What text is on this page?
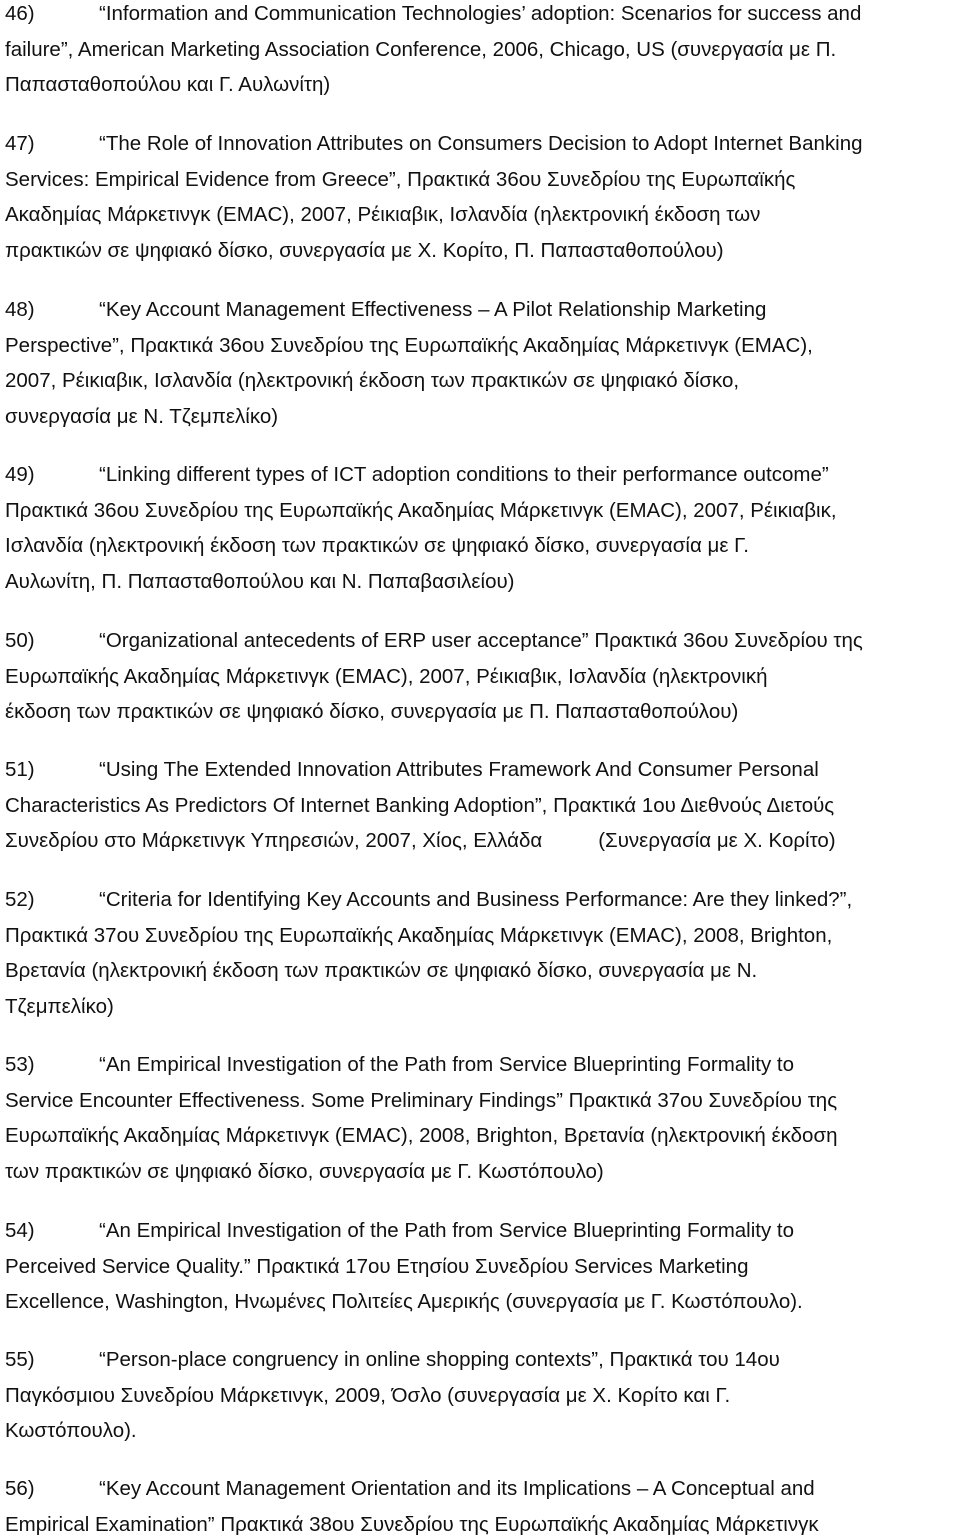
46)	“Information and Communication Technologies’ adoption: Scenarios for success and
failure”, American Marketing Association Conference, 2006, Chicago, US (συνεργασία με Π.
Παπασταθοπούλου και Γ. Αυλωνίτη)
47)	“The Role of Innovation Attributes on Consumers Decision to Adopt Internet Banking
Services: Empirical Evidence from Greece”, Πρακτικά 36ου Συνεδρίου της Ευρωπαϊκής
Ακαδημίας Μάρκετινγκ (EMAC), 2007, Ρέικιαβικ, Ισλανδία (ηλεκτρονική έκδοση των
πρακτικών σε ψηφιακό δίσκο, συνεργασία με Χ. Κορίτο, Π. Παπασταθοπούλου)
48)	“Key Account Management Effectiveness – A Pilot Relationship Marketing
Perspective”, Πρακτικά 36ου Συνεδρίου της Ευρωπαϊκής Ακαδημίας Μάρκετινγκ (EMAC),
2007, Ρέικιαβικ, Ισλανδία (ηλεκτρονική έκδοση των πρακτικών σε ψηφιακό δίσκο,
συνεργασία με Ν. Τζεμπελίκο)
49)	“Linking different types of ICT adoption conditions to their performance outcome”
Πρακτικά 36ου Συνεδρίου της Ευρωπαϊκής Ακαδημίας Μάρκετινγκ (EMAC), 2007, Ρέικιαβικ,
Ισλανδία (ηλεκτρονική έκδοση των πρακτικών σε ψηφιακό δίσκο, συνεργασία με Γ.
Αυλωνίτη, Π. Παπασταθοπούλου και Ν. Παπαβασιλείου)
50)	“Organizational antecedents of ERP user acceptance” Πρακτικά 36ου Συνεδρίου της
Ευρωπαϊκής Ακαδημίας Μάρκετινγκ (EMAC), 2007, Ρέικιαβικ, Ισλανδία (ηλεκτρονική
έκδοση των πρακτικών σε ψηφιακό δίσκο, συνεργασία με Π. Παπασταθοπούλου)
51)	“Using The Extended Innovation Attributes Framework And Consumer Personal
Characteristics As Predictors Of Internet Banking Adoption”, Πρακτικά 1ου Διεθνούς Διετούς
Συνεδρίου στο Μάρκετινγκ Υπηρεσιών, 2007, Χίος, Ελλάδα	(Συνεργασία με Χ. Κορίτο)
52)	“Criteria for Identifying Key Accounts and Business Performance: Are they linked?”,
Πρακτικά 37ου Συνεδρίου της Ευρωπαϊκής Ακαδημίας Μάρκετινγκ (EMAC), 2008, Brighton,
Βρετανία (ηλεκτρονική έκδοση των πρακτικών σε ψηφιακό δίσκο, συνεργασία με Ν.
Τζεμπελίκο)
53)	“An Empirical Investigation of the Path from Service Blueprinting Formality to
Service Encounter Effectiveness. Some Preliminary Findings” Πρακτικά 37ου Συνεδρίου της
Ευρωπαϊκής Ακαδημίας Μάρκετινγκ (EMAC), 2008, Brighton, Βρετανία (ηλεκτρονική έκδοση
των πρακτικών σε ψηφιακό δίσκο, συνεργασία με Γ. Κωστόπουλο)
54)	“An Empirical Investigation of the Path from Service Blueprinting Formality to
Perceived Service Quality.” Πρακτικά 17ου Ετησίου Συνεδρίου Services Marketing
Excellence, Washington, Ηνωμένες Πολιτείες Αμερικής (συνεργασία με Γ. Κωστόπουλο).
55)	“Person-place congruency in online shopping contexts”, Πρακτικά του 14ου
Παγκόσμιου Συνεδρίου Μάρκετινγκ, 2009, Όσλο (συνεργασία με Χ. Κορίτο και Γ.
Κωστόπουλο).
56)	“Key Account Management Orientation and its Implications – A Conceptual and
Empirical Examination” Πρακτικά 38ου Συνεδρίου της Ευρωπαϊκής Ακαδημίας Μάρκετινγκ
